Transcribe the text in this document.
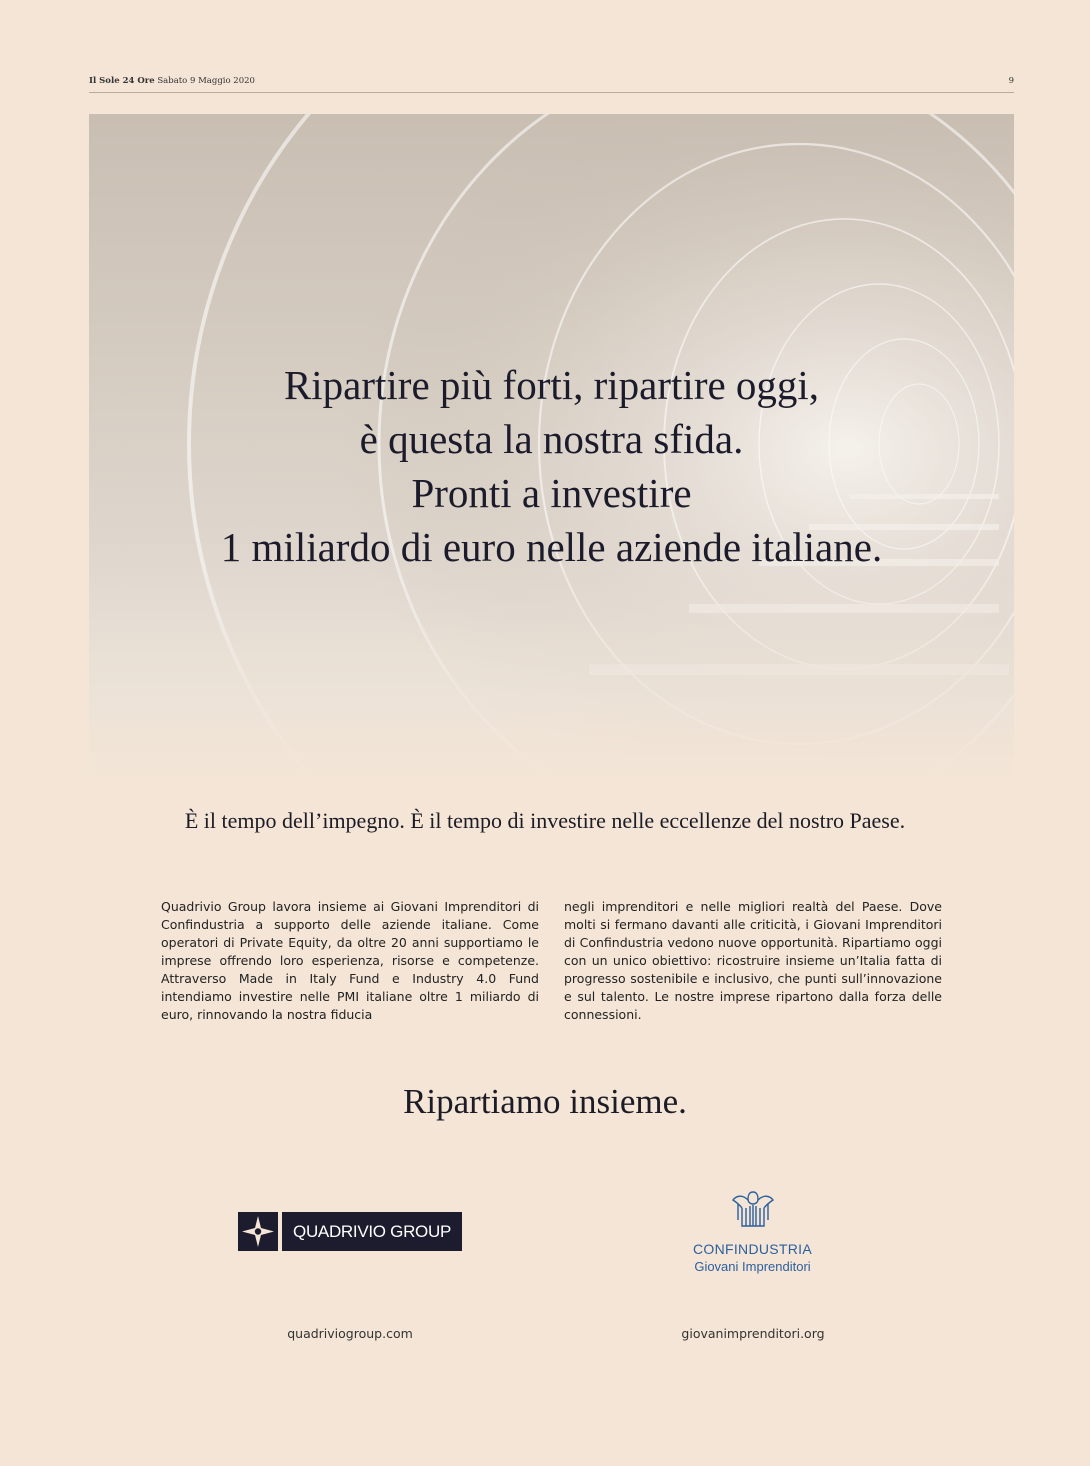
Il Sole 24 Ore Sabato 9 Maggio 2020	9
Ripartire più forti, ripartire oggi,
è questa la nostra sfida.
Pronti a investire
1 miliardo di euro nelle aziende italiane.
È il tempo dell’impegno. È il tempo di investire nelle eccellenze del nostro Paese.
Quadrivio Group lavora insieme ai Giovani Imprenditori di Confindustria a supporto delle aziende italiane. Come operatori di Private Equity, da oltre 20 anni supportiamo le imprese offrendo loro esperienza, risorse e competenze. Attraverso Made in Italy Fund e Industry 4.0 Fund intendiamo investire nelle PMI italiane oltre 1 miliardo di euro, rinnovando la nostra fiducia
negli imprenditori e nelle migliori realtà del Paese. Dove molti si fermano davanti alle criticità, i Giovani Imprenditori di Confindustria vedono nuove opportunità. Ripartiamo oggi con un unico obiettivo: ricostruire insieme un’Italia fatta di progresso sostenibile e inclusivo, che punti sull’innovazione e sul talento. Le nostre imprese ripartono dalla forza delle connessioni.
Ripartiamo insieme.
QUADRIVIO GROUP
CONFINDUSTRIA
Giovani Imprenditori
quadriviogroup.com	giovanimprenditori.org
